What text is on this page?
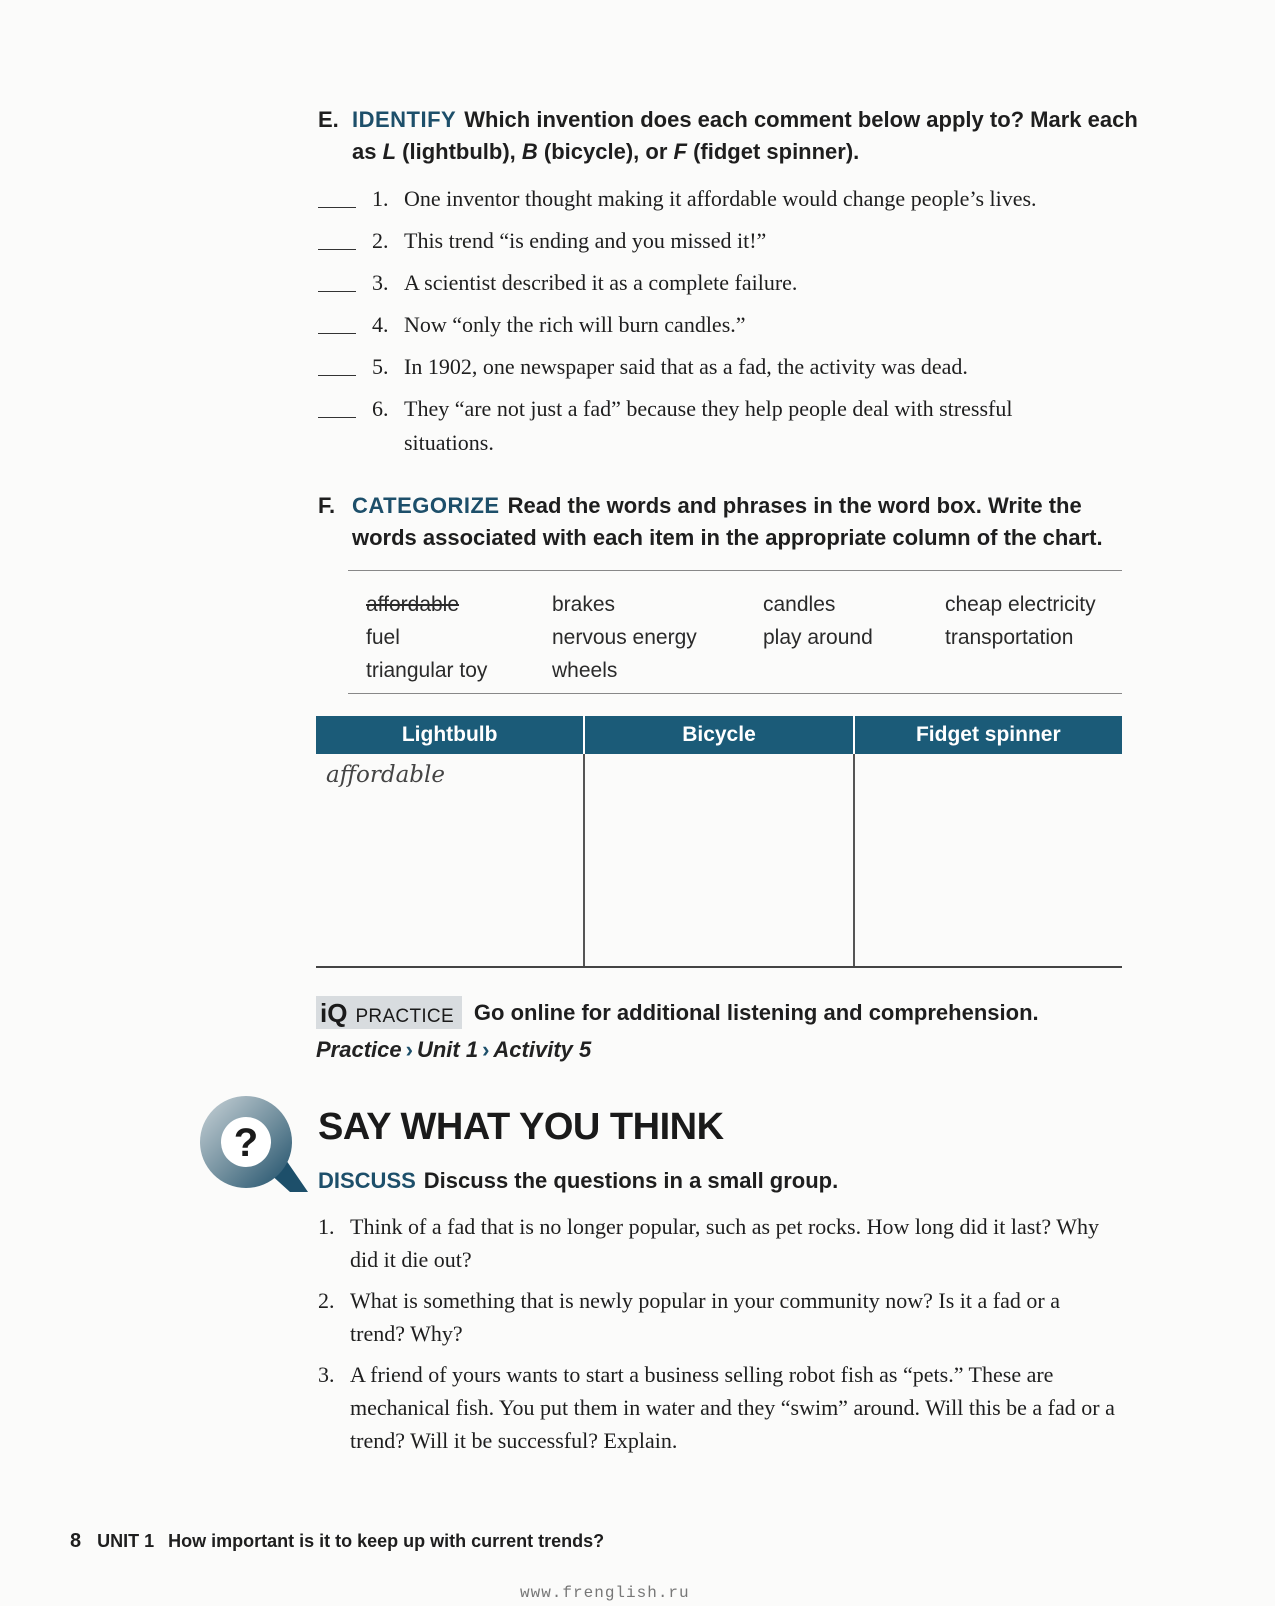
E. IDENTIFY Which invention does each comment below apply to? Mark each as L (lightbulb), B (bicycle), or F (fidget spinner).
1. One inventor thought making it affordable would change people’s lives.
2. This trend “is ending and you missed it!”
3. A scientist described it as a complete failure.
4. Now “only the rich will burn candles.”
5. In 1902, one newspaper said that as a fad, the activity was dead.
6. They “are not just a fad” because they help people deal with stressful situations.
F. CATEGORIZE Read the words and phrases in the word box. Write the words associated with each item in the appropriate column of the chart.
affordable	brakes	candles	cheap electricity
fuel	nervous energy	play around	transportation
triangular toy	wheels
Lightbulb	Bicycle	Fidget spinner
affordable
iQ PRACTICE Go online for additional listening and comprehension.
Practice › Unit 1 › Activity 5
? SAY WHAT YOU THINK
DISCUSS Discuss the questions in a small group.
1. Think of a fad that is no longer popular, such as pet rocks. How long did it last? Why did it die out?
2. What is something that is newly popular in your community now? Is it a fad or a trend? Why?
3. A friend of yours wants to start a business selling robot fish as “pets.” These are mechanical fish. You put them in water and they “swim” around. Will this be a fad or a trend? Will it be successful? Explain.
8 UNIT 1 How important is it to keep up with current trends?
www.frenglish.ru
